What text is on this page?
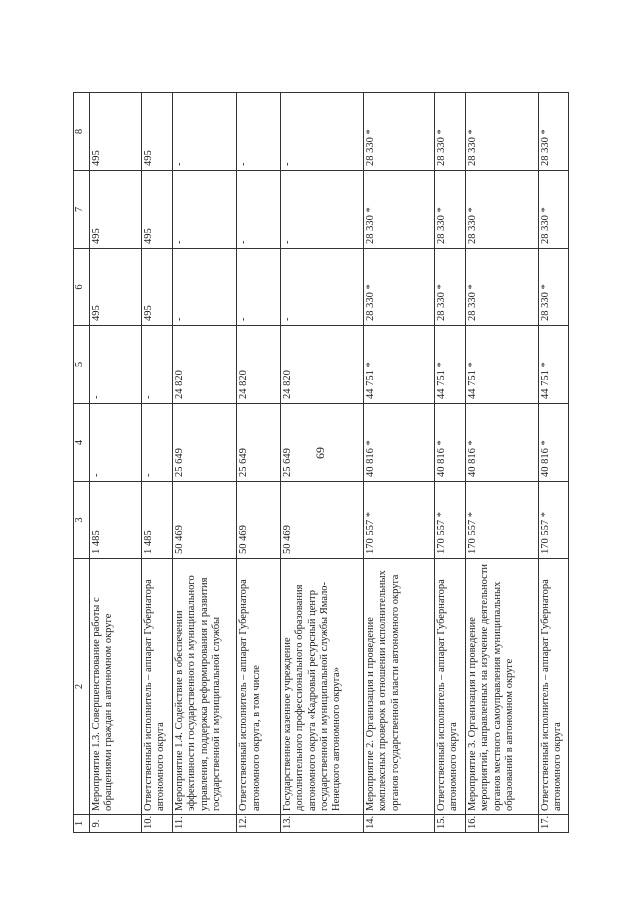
69
1	2	3	4	5	6	7	8
9.	Мероприятие 1.3. Совершенствование работы с обращениями граждан в автономном округе	1 485	-	-	495	495	495
10.	Ответственный исполнитель – аппарат Губернатора автономного округа	1 485	-	-	495	495	495
11.	Мероприятие 1.4. Содействие в обеспечении эффективности государственного и муниципального управления, поддержка реформирования и развития государственной и муниципальной службы	50 469	25 649	24 820	-	-	-
12.	Ответственный исполнитель – аппарат Губернатора автономного округа, в том числе	50 469	25 649	24 820	-	-	-
13.	Государственное казенное учреждение дополнительного профессионального образования автономного округа «Кадровый ресурсный центр государственной и муниципальной службы Ямало-Ненецкого автономного округа»	50 469	25 649	24 820	-	-	-
14.	Мероприятие 2. Организация и проведение комплексных проверок в отношении исполнительных органов государственной власти автономного округа	170 557 *	40 816 *	44 751 *	28 330 *	28 330 *	28 330 *
15.	Ответственный исполнитель – аппарат Губернатора автономного округа	170 557 *	40 816 *	44 751 *	28 330 *	28 330 *	28 330 *
16.	Мероприятие 3. Организация и проведение мероприятий, направленных на изучение деятельности органов местного самоуправления муниципальных образований в автономном округе	170 557 *	40 816 *	44 751 *	28 330 *	28 330 *	28 330 *
17.	Ответственный исполнитель – аппарат Губернатора автономного округа	170 557 *	40 816 *	44 751 *	28 330 *	28 330 *	28 330 *
